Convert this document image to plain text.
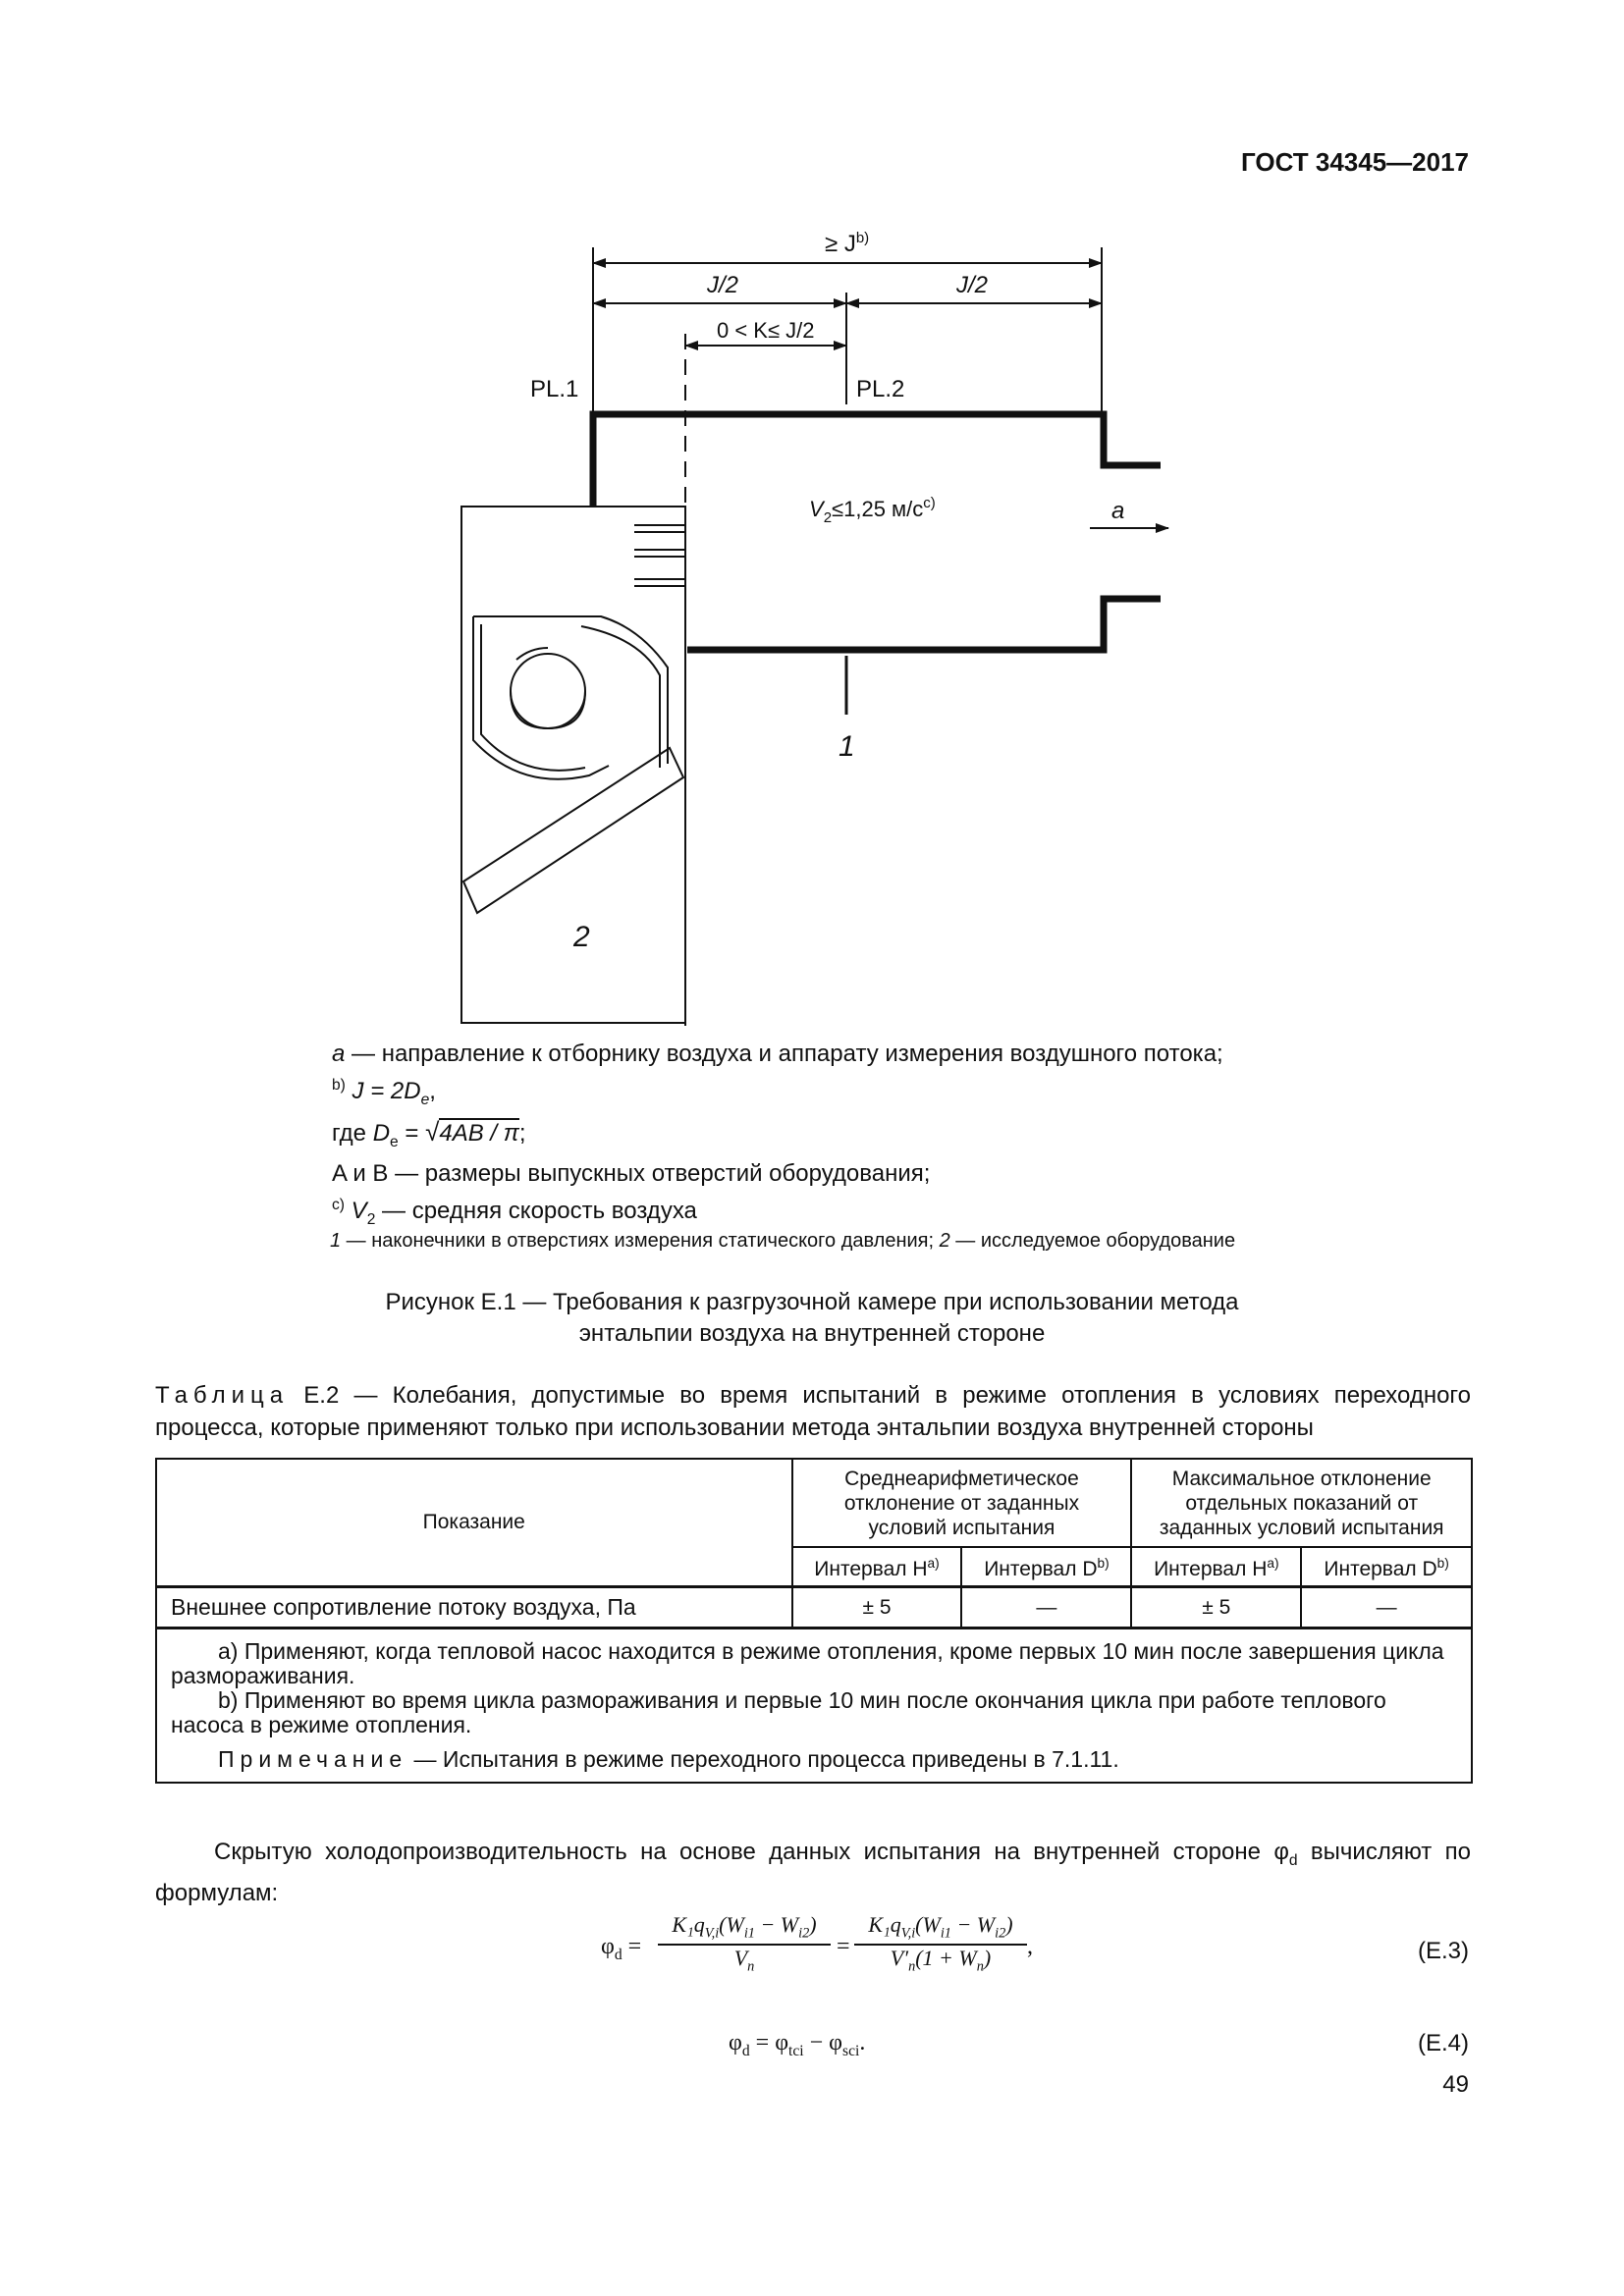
ГОСТ 34345—2017
≥ $J^{b)}$
J/2	J/2
0 < K≤ J/2
PL.1	PL.2
$V_2\le 1,25$ $м/с^{c)}$	a
1
2
a — направление к отборнику воздуха и аппарату измерения воздушного потока;
$^{b)}$ $J = 2D_e$,
где $D_e = √4AB / \pi$;
A и B — размеры выпускных отверстий оборудования;
$^{c)}$ $V_2$ — средняя скорость воздуха
1 — наконечники в отверстиях измерения статического давления; 2 — исследуемое оборудование
Рисунок Е.1 — Требования к разгрузочной камере при использовании метода
энтальпии воздуха на внутренней стороне
Таблица Е.2 — Колебания, допустимые во время испытаний в режиме отопления в условиях переходного процесса, которые применяют только при использовании метода энтальпии воздуха внутренней стороны
Показание	Среднеарифметическое отклонение от заданных условий испытания		Максимальное отклонение отдельных показаний от заданных условий испытания	
	Интервал $H^{a)}$	Интервал $D^{b)}$	Интервал $H^{a)}$	Интервал $D^{b)}$
Внешнее сопротивление потоку воздуха, Па	± 5	—	± 5	—

a) Применяют, когда тепловой насос находится в режиме отопления, кроме первых 10 мин после завершения цикла размораживания.

b) Применяют во время цикла размораживания и первые 10 мин после окончания цикла при работе теплового насоса в режиме отопления.

Примечание — Испытания в режиме переходного процесса приведены в 7.1.11.				

Скрытую холодопроизводительность на основе данных испытания на внутренней стороне $\varphi_d$ вычисляют по формулам:
$\varphi_d$ =
$K_1q_{V,i}(W_{i1} - W_{i2})$
$V_n$
=
$K_1q_{V,i}(W_{i1} - W_{i2})$
$V'_n(1 + W_n)$	,	(Е.3)
$\varphi_d = \varphi_{tci} - \varphi_{sci}$.	(Е.4)
49
